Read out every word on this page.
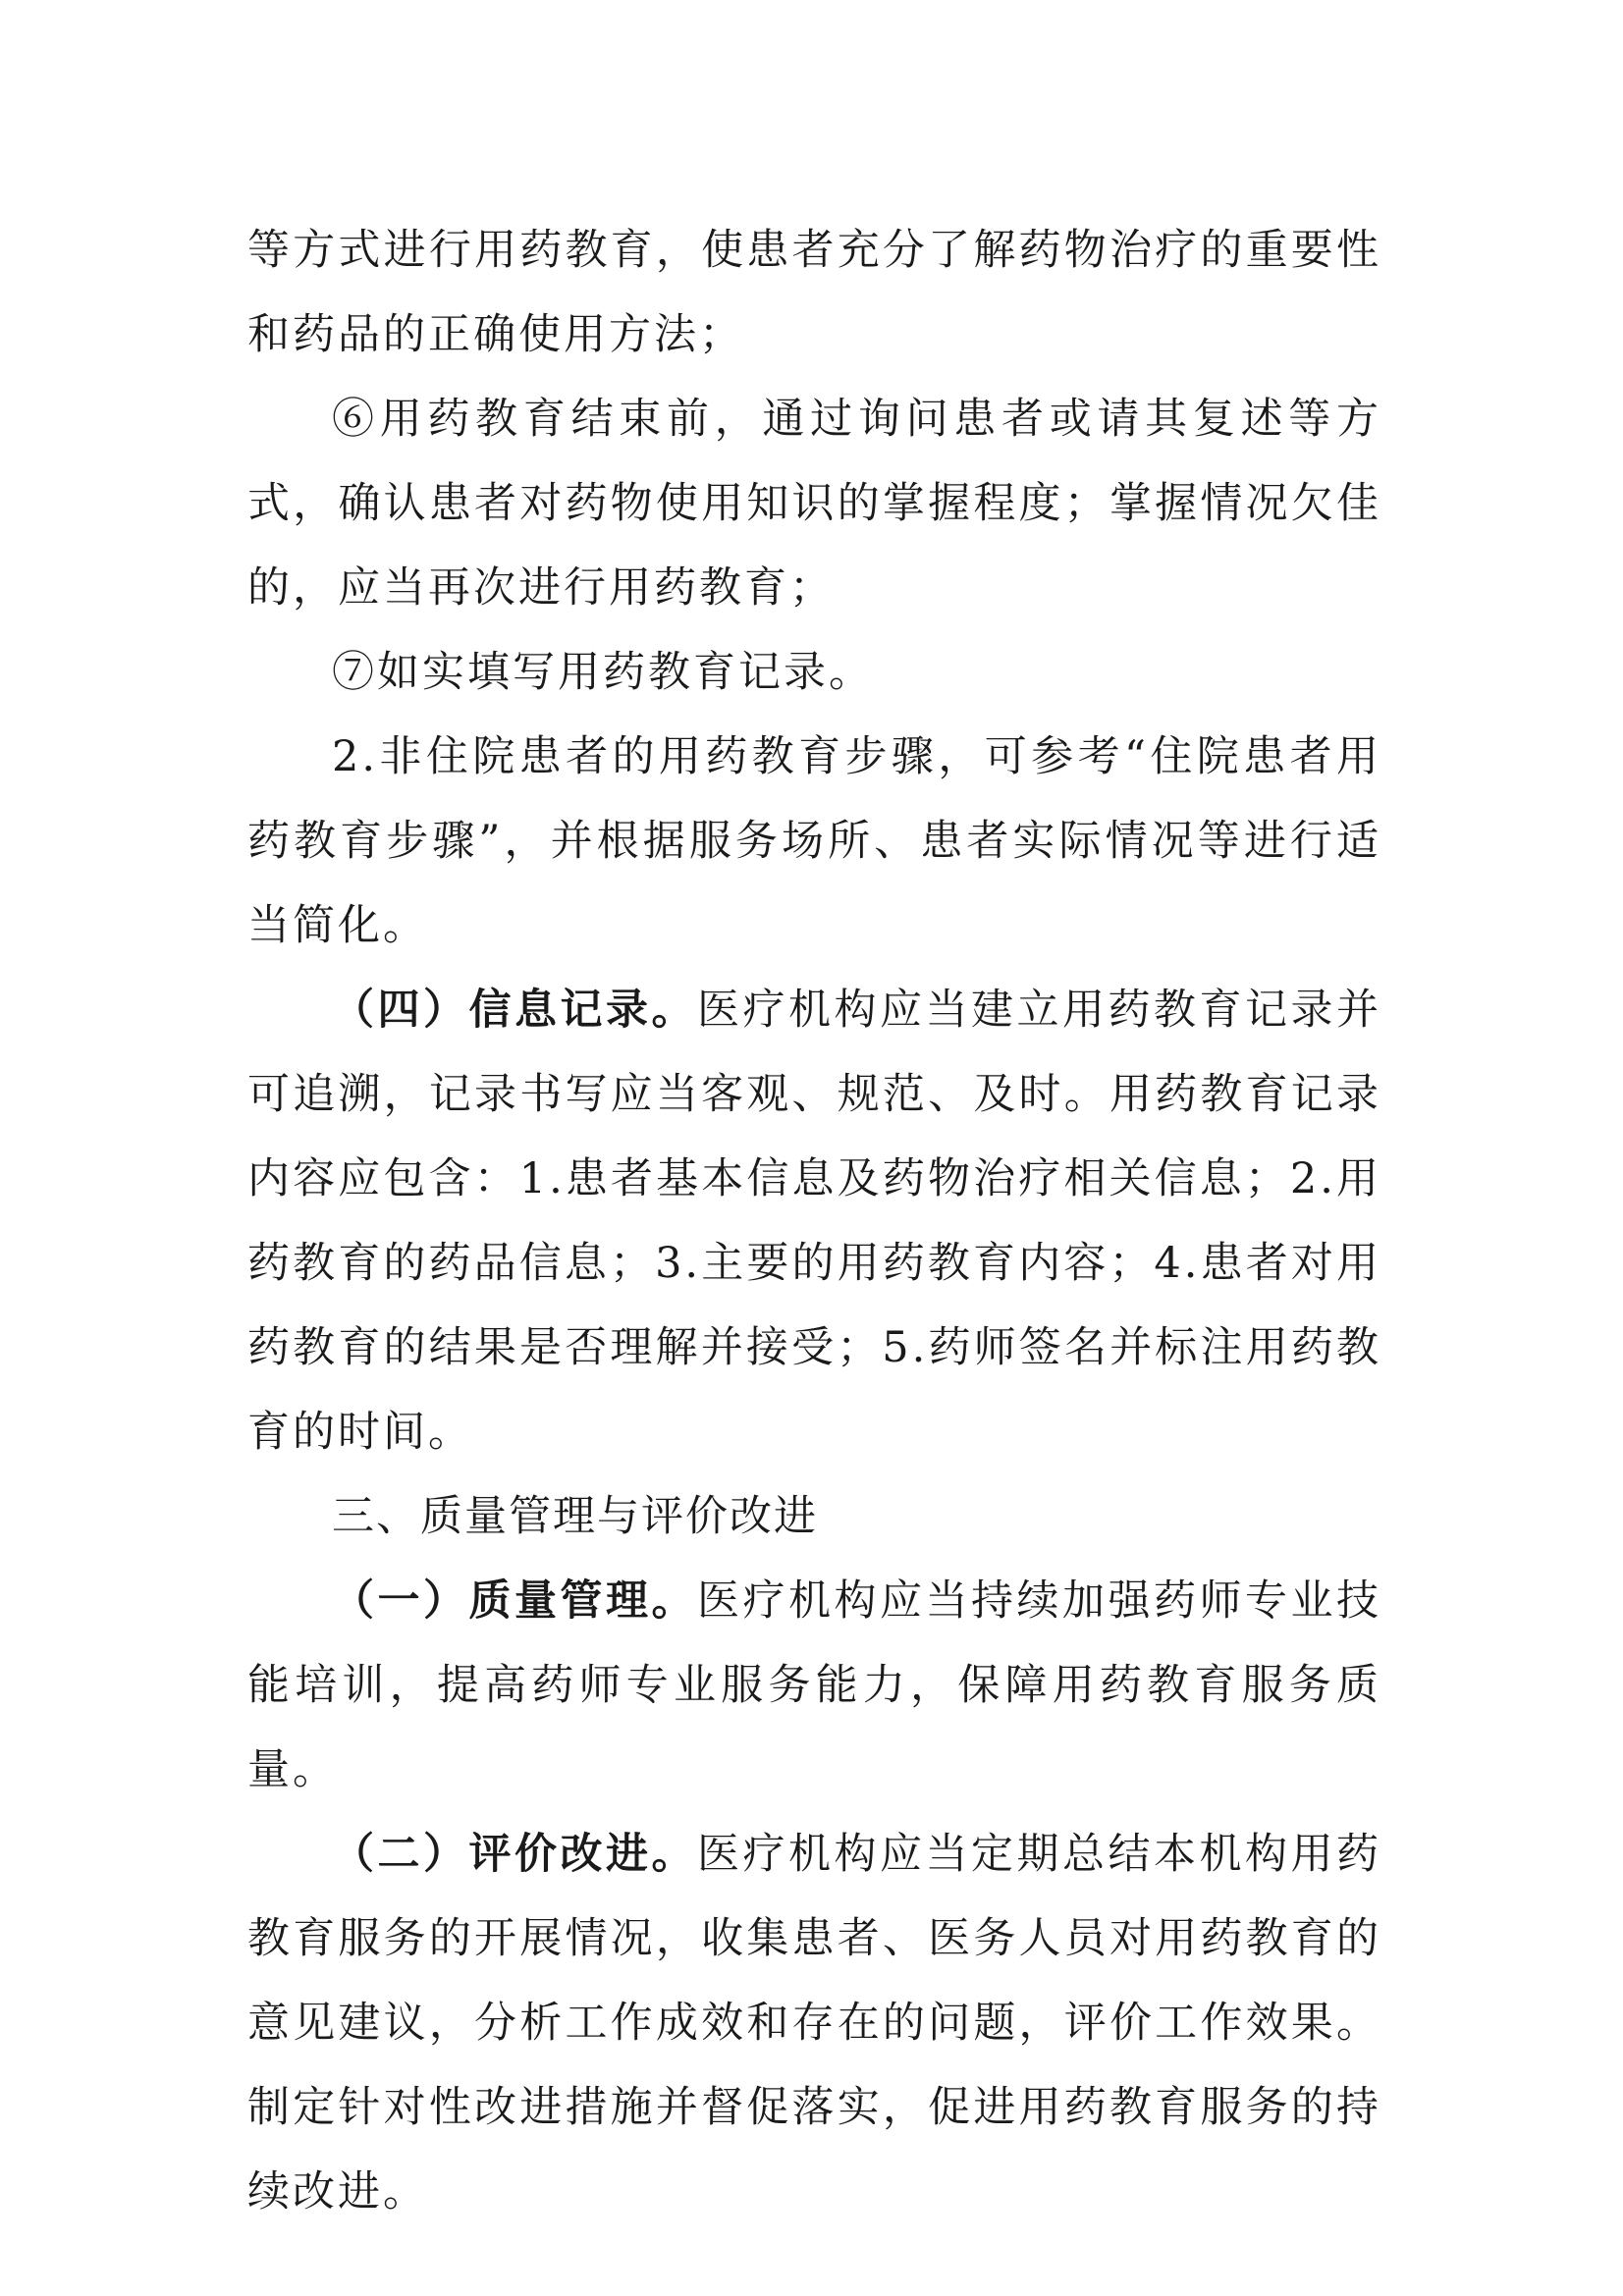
等方式进行用药教育，使患者充分了解药物治疗的重要性和药品的正确使用方法；

⑥用药教育结束前，通过询问患者或请其复述等方式，确认患者对药物使用知识的掌握程度；掌握情况欠佳的，应当再次进行用药教育；

⑦如实填写用药教育记录。

2.非住院患者的用药教育步骤，可参考“住院患者用药教育步骤”，并根据服务场所、患者实际情况等进行适当简化。

（四）信息记录。医疗机构应当建立用药教育记录并可追溯，记录书写应当客观、规范、及时。用药教育记录内容应包含：1.患者基本信息及药物治疗相关信息；2.用药教育的药品信息；3.主要的用药教育内容；4.患者对用药教育的结果是否理解并接受；5.药师签名并标注用药教育的时间。

三、质量管理与评价改进

（一）质量管理。医疗机构应当持续加强药师专业技能培训，提高药师专业服务能力，保障用药教育服务质量。

（二）评价改进。医疗机构应当定期总结本机构用药教育服务的开展情况，收集患者、医务人员对用药教育的意见建议，分析工作成效和存在的问题，评价工作效果。制定针对性改进措施并督促落实，促进用药教育服务的持续改进。
